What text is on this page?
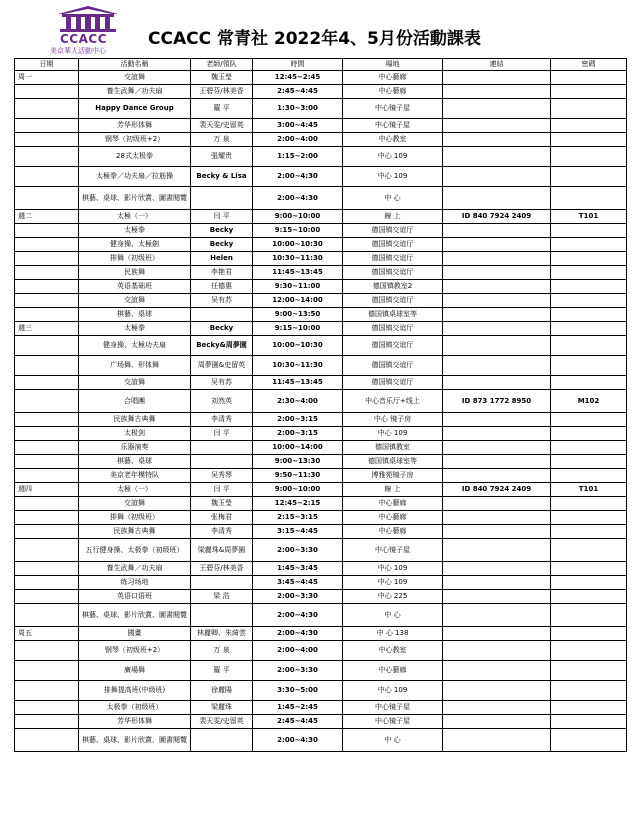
CCACC
美京華人活動中心
CCACC 常青社 2022年4、5月份活動課表
日期	活動名稱	老師/領队	時間	場地	連結	密碼
周一	交誼舞	魏玉瑩	12:45~2:45	中心藝廊		
	養生武舞／功夫扇	王碧芬/林美香	2:45~4:45	中心藝廊		
	Happy Dance Group	羅 平	1:30~3:00	中心镜子屋		
	芳华形体舞	裴天雯/史留英	3:00~4:45	中心镜子屋		
	钢琴（初级班+2）	万 泉	2:00~4:00	中心教室		
	28式太极拳	張耀贵	1:15~2:00	中心 109		
	太極拳／功夫扇／拉筋操	Becky & Lisa	2:00~4:30	中心 109		
	棋藝、桌球、影片欣賞、圖書閱覽		2:00~4:30	中 心		
週二	太極（一）	闫 平	9:00~10:00	線 上	ID 840 7924 2409	T101
	太極拳	Becky	9:15~10:00	德国镇交谊厅		
	健身操、太極劍	Becky	10:00~10:30	德国镇交谊厅		
	排舞（初级班）	Helen	10:30~11:30	德国镇交谊厅		
	民族舞	李艳君	11:45~13:45	德国镇交谊厅		
	英语基础班	任德惠	9:30~11:00	德国镇教室2		
	交誼舞	吴有苏	12:00~14:00	德国镇交谊厅		
	棋藝、桌球		9:00~13:50	德国镇桌球室等		
週三	太極拳	Becky	9:15~10:00	德国镇交谊厅		
	健身操、太極功夫扇	Becky&周夢園	10:00~10:30	德国镇交谊厅		
	广场舞、形体舞	周夢園&史留英	10:30~11:30	德国镇交谊厅		
	交誼舞	吴有苏	11:45~13:45	德国镇交谊厅		
	合唱團	刘然英	2:30~4:00	中心音乐厅+线上	ID 873 1772 8950	M102
	民族舞古典舞	李清秀	2:00~3:15	中心 镜子房		
	太极剑	闫 平	2:00~3:15	中心 109		
	乐器演奏		10:00~14:00	德国镇教室		
	棋藝、桌球		9:00~13:30	德国镇桌球室等		
	美京老年模特队	吴秀琴	9:50~11:30	博雅苑镜子房		
週四	太極（一）	闫 平	9:00~10:00	線 上	ID 840 7924 2409	T101
	交誼舞	魏玉瑩	12:45~2:15	中心藝廊		
	排舞（初级班）	张梅君	2:15~3:15	中心藝廊		
	民族舞古典舞	李清秀	3:15~4:45	中心藝廊		
	五行健身操、太极拳（初级班）	梁麗珠&周夢園	2:00~3:30	中心镜子屋		
	養生武舞／功夫扇	王碧芬/林美香	1:45~3:45	中心 109		
	练习场地		3:45~4:45	中心 109		
	英语口语班	梁 浩	2:00~3:30	中心 225		
	棋藝、桌球、影片欣賞、圖書閱覽		2:00~4:30	中 心		
周五	國畫	林麗卿、朱綺雲	2:00~4:30	中 心 138		
	钢琴（初级班+2）	万 泉	2:00~4:00	中心教室		
	廣場舞	羅 平	2:00~3:30	中心藝廊		
	排舞提高班(中级班)	徐麗陽	3:30~5:00	中心 109		
	太极拳（初级班）	梁麗珠	1:45~2:45	中心镜子屋		
	芳华形体舞	裴天雯/史留英	2:45~4:45	中心镜子屋		
	棋藝、桌球、影片欣賞、圖書閱覽		2:00~4:30	中 心		
